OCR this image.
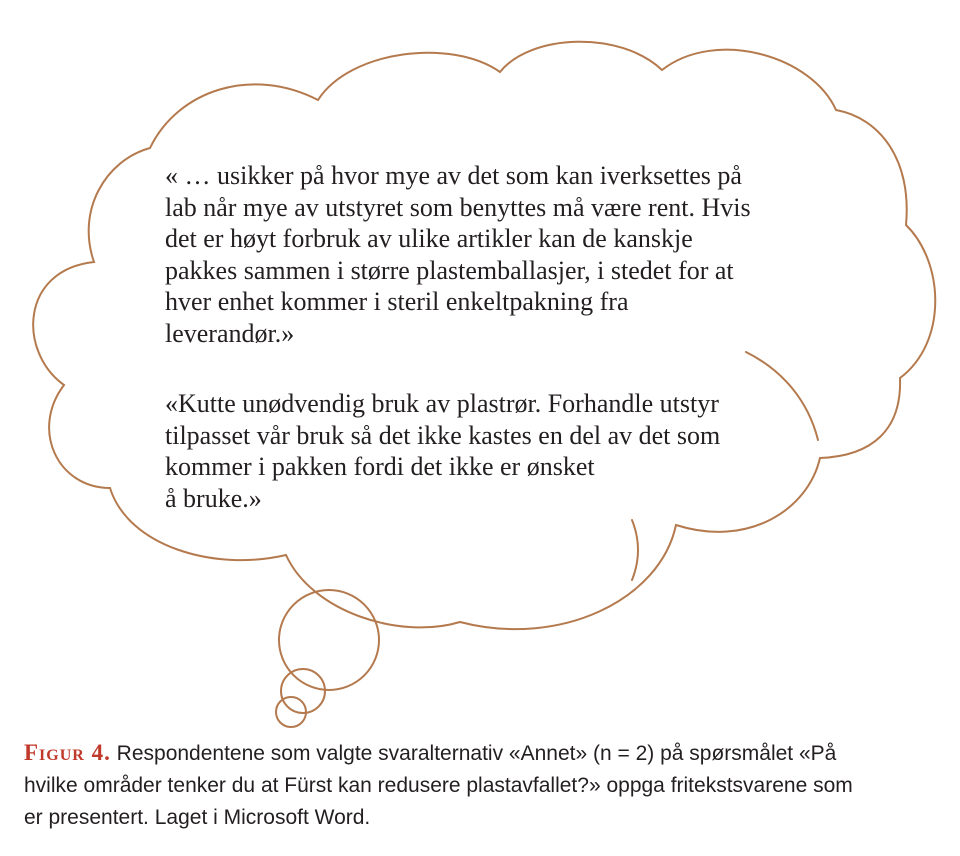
« … usikker på hvor mye av det som kan iverksettes på
lab når mye av utstyret som benyttes må være rent. Hvis
det er høyt forbruk av ulike artikler kan de kanskje
pakkes sammen i større plastemballasjer, i stedet for at
hver enhet kommer i steril enkeltpakning fra
leverandør.»

«Kutte unødvendig bruk av plastrør. Forhandle utstyr
tilpasset vår bruk så det ikke kastes en del av det som
kommer i pakken fordi det ikke er ønsket
å bruke.»

Figur 4. Respondentene som valgte svaralternativ «Annet» (n = 2) på spørsmålet «På
hvilke områder tenker du at Fürst kan redusere plastavfallet?» oppga fritekstsvarene som
er presentert. Laget i Microsoft Word.
